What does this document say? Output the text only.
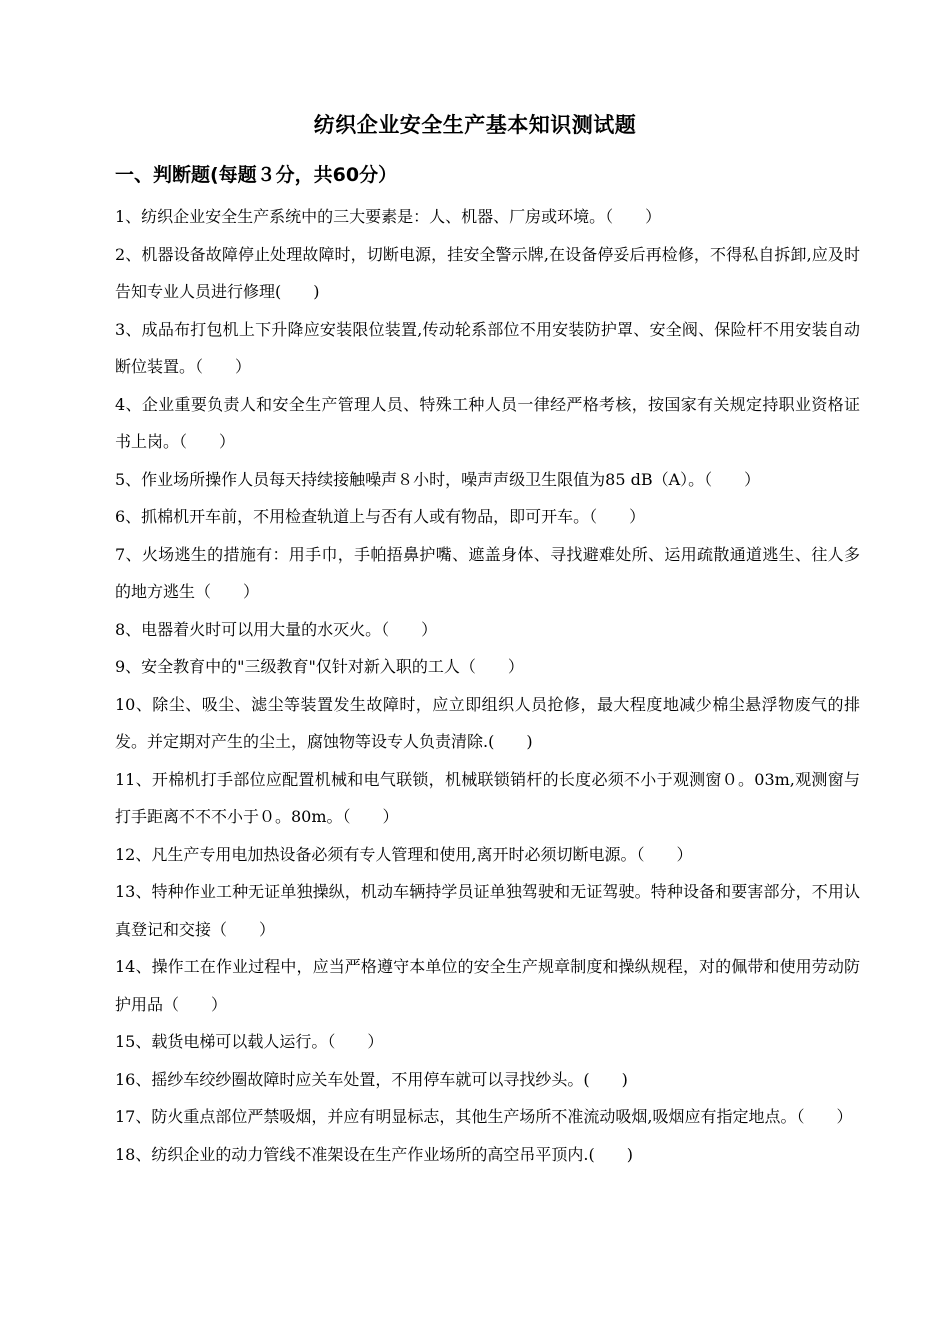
纺织企业安全生产基本知识测试题
一、判断题(每题３分，共60分）
1、纺织企业安全生产系统中的三大要素是：人、机器、厂房或环境。（　　）
2、机器设备故障停止处理故障时，切断电源，挂安全警示牌,在设备停妥后再检修，不得私自拆卸,应及时告知专业人员进行修理(　　)
3、成品布打包机上下升降应安装限位装置,传动轮系部位不用安装防护罩、安全阀、保险杆不用安装自动断位装置。（　　）
4、企业重要负责人和安全生产管理人员、特殊工种人员一律经严格考核，按国家有关规定持职业资格证书上岗。（　　）
5、作业场所操作人员每天持续接触噪声８小时，噪声声级卫生限值为85 dB（A）。（　　）
6、抓棉机开车前，不用检查轨道上与否有人或有物品，即可开车。（　　）
7、火场逃生的措施有：用手巾，手帕捂鼻护嘴、遮盖身体、寻找避难处所、运用疏散通道逃生、往人多的地方逃生（　　）
8、电器着火时可以用大量的水灭火。（　　）
9、安全教育中的"三级教育"仅针对新入职的工人（　　）
10、除尘、吸尘、滤尘等装置发生故障时，应立即组织人员抢修，最大程度地减少棉尘悬浮物废气的排发。并定期对产生的尘土，腐蚀物等设专人负责清除.(　　)
11、开棉机打手部位应配置机械和电气联锁，机械联锁销杆的长度必须不小于观测窗０。03m,观测窗与打手距离不不不小于０。80m。（　　）
12、凡生产专用电加热设备必须有专人管理和使用,离开时必须切断电源。（　　）
13、特种作业工种无证单独操纵，机动车辆持学员证单独驾驶和无证驾驶。特种设备和要害部分，不用认真登记和交接（　　）
14、操作工在作业过程中，应当严格遵守本单位的安全生产规章制度和操纵规程，对的佩带和使用劳动防护用品（　　）
15、载货电梯可以载人运行。（　　）
16、摇纱车绞纱圈故障时应关车处置，不用停车就可以寻找纱头。(　　)
17、防火重点部位严禁吸烟，并应有明显标志，其他生产场所不准流动吸烟,吸烟应有指定地点。（　　）
18、纺织企业的动力管线不准架设在生产作业场所的高空吊平顶内.(　　)
